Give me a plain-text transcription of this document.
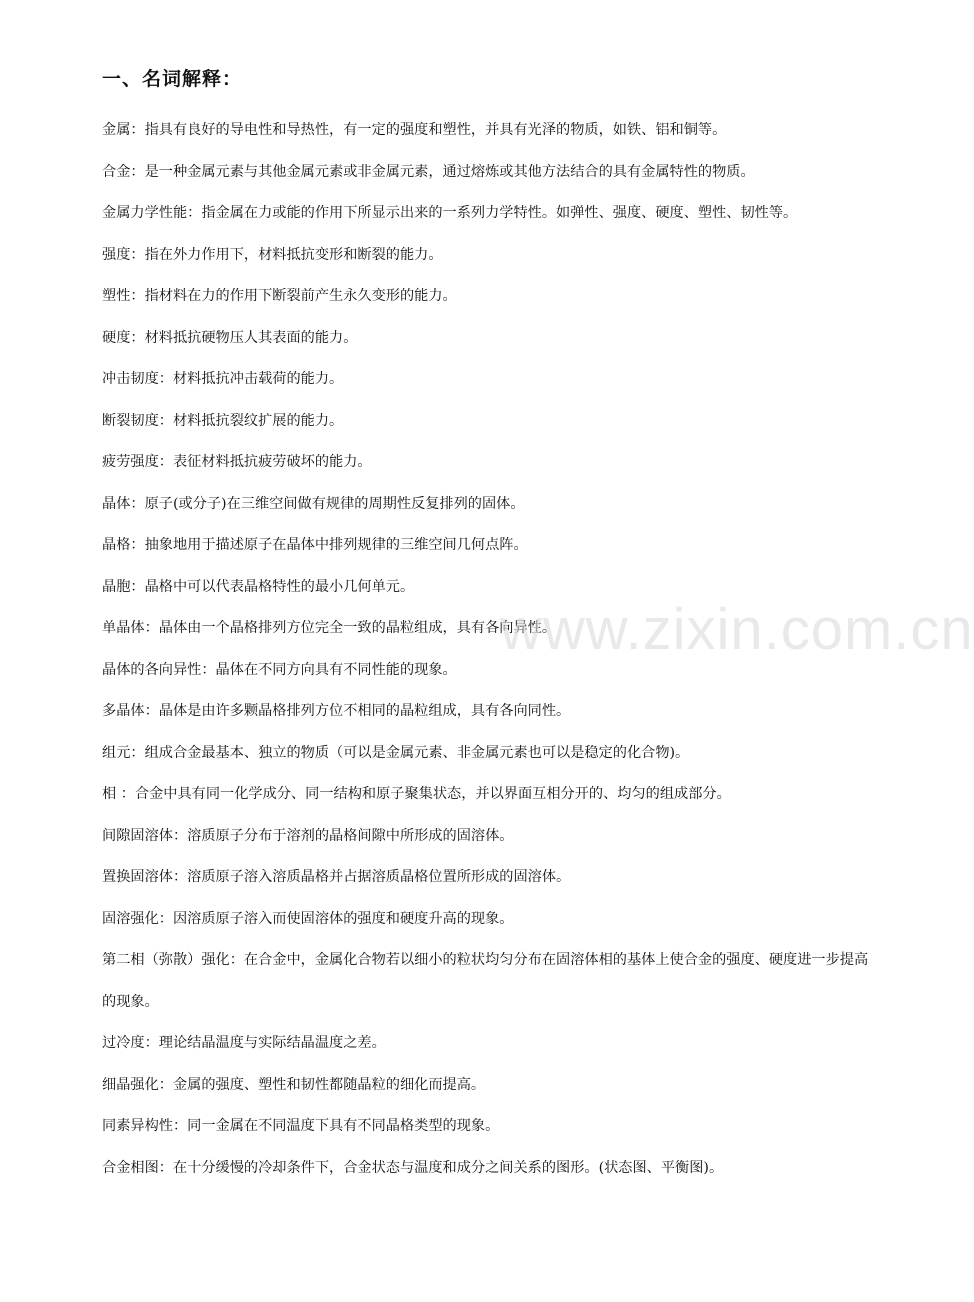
一、名词解释：

金属：指具有良好的导电性和导热性，有一定的强度和塑性，并具有光泽的物质，如铁、铝和铜等。

合金：是一种金属元素与其他金属元素或非金属元素，通过熔炼或其他方法结合的具有金属特性的物质。

金属力学性能：指金属在力或能的作用下所显示出来的一系列力学特性。如弹性、强度、硬度、塑性、韧性等。

强度：指在外力作用下，材料抵抗变形和断裂的能力。

塑性：指材料在力的作用下断裂前产生永久变形的能力。

硬度：材料抵抗硬物压人其表面的能力。

冲击韧度：材料抵抗冲击载荷的能力。

断裂韧度：材料抵抗裂纹扩展的能力。

疲劳强度：表征材料抵抗疲劳破坏的能力。

晶体：原子(或分子)在三维空间做有规律的周期性反复排列的固体。

晶格：抽象地用于描述原子在晶体中排列规律的三维空间几何点阵。

晶胞：晶格中可以代表晶格特性的最小几何单元。

单晶体：晶体由一个晶格排列方位完全一致的晶粒组成，具有各向异性。

晶体的各向异性：晶体在不同方向具有不同性能的现象。

多晶体：晶体是由许多颗晶格排列方位不相同的晶粒组成，具有各向同性。

组元：组成合金最基本、独立的物质（可以是金属元素、非金属元素也可以是稳定的化合物)。

相 ：合金中具有同一化学成分、同一结构和原子聚集状态，并以界面互相分开的、均匀的组成部分。

间隙固溶体：溶质原子分布于溶剂的晶格间隙中所形成的固溶体。

置换固溶体：溶质原子溶入溶质晶格并占据溶质晶格位置所形成的固溶体。

固溶强化：因溶质原子溶入而使固溶体的强度和硬度升高的现象。

第二相（弥散）强化：在合金中，金属化合物若以细小的粒状均匀分布在固溶体相的基体上使合金的强度、硬度进一步提高的现象。

过冷度：理论结晶温度与实际结晶温度之差。

细晶强化：金属的强度、塑性和韧性都随晶粒的细化而提高。

同素异构性：同一金属在不同温度下具有不同晶格类型的现象。

合金相图：在十分缓慢的冷却条件下，合金状态与温度和成分之间关系的图形。(状态图、平衡图)。

www.zixin.com.cn
